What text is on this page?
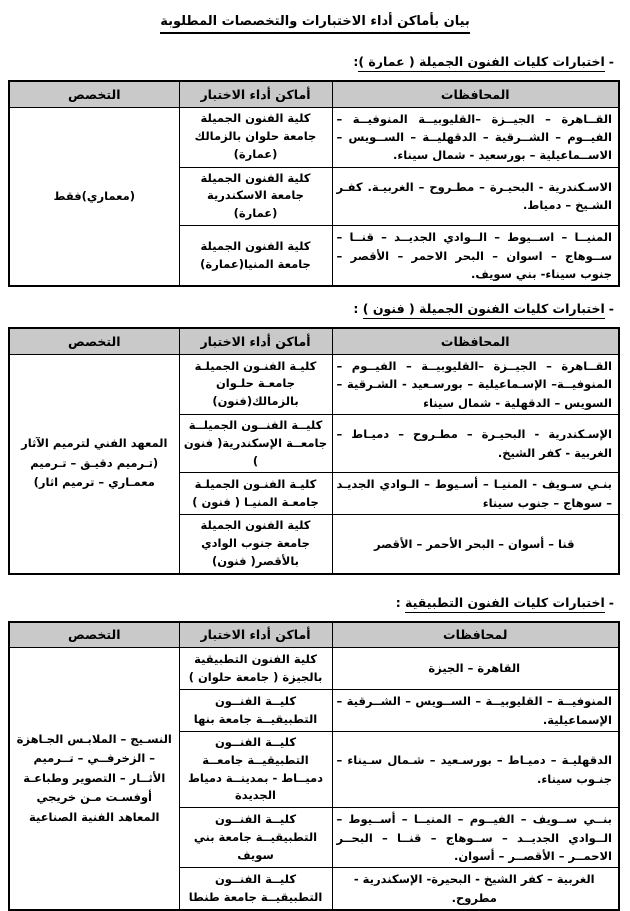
بيان بأماكن أداء الاختبارات والتخصصات المطلوبة
-اختبارات كليات الفنون الجميلة ( عمارة ):
المحافظات	أماكن أداء الاختبار	التخصص
القــاهرة – الجيــزة –القليوبيــة المنوفيــة – الفيــوم – الشــرقية – الدقهليــة – الســويس –الاســماعيلية – بورسعيد - شمال سيناء.	كلية الفنون الجميلة جامعة حلوان بالزمالك (عمارة)	(معماري)فقط
الاسـكندرية - البحيـرة – مطـروح – الغربيـة. كفـر الشـيخ – دمياط.	كلية الفنون الجميلة جامعة الاسكندرية (عمارة)	
المنيــا – اســيوط – الــوادي الجديــد – قنــا – ســوهاج – اسوان – البحر الاحمر – الأقصر – جنوب سيناء- بني سويف.	كلية الفنون الجميلة جامعة المنيا(عمارة)	
-اختبارات كليات الفنون الجميلة ( فنون ) :
المحافظات	أماكن أداء الاختبار	التخصص
القــاهرة – الجيــزة –القليوبيــة – الفيــوم – المنوفيــة– الإسـماعيلية – بورسـعيد - الشـرقية – السويس – الدقهلية - شمال سيناء	كليـة الفنـون الجميلـة جامعـة حلـوان بالزمالك(فنون)	المعهد الفني لترميم الآثار (تـرميم دقيـق – تـرميم معمـاري – ترميم اثار)
الإسـكندرية - البحيـرة – مطـروح – دميـاط – الغربية - كفر الشيخ.	كليــة الفنــون الجميلــة جامعــة الإسكندرية( فنون )	
بنـي سـويف - المنيـا – أسـيوط – الـوادي الجديـد – سوهاج – جنوب سيناء	كليـة الفنـون الجميلـة جامعـة المنيـا ( فنون )	
قنا – أسوان – البحر الأحمر – الأقصر	كلية الفنون الجميلة جامعة جنوب الوادي بالأقصر( فنون)	
-اختبارات كليات الفنون التطبيقية :
لمحافظات	أماكن أداء الاختبار	التخصص
القاهرة – الجيزة	كلية الفنون التطبيقية بالجيزة ( جامعة حلوان )	النسـيج – الملابـس الجـاهزة – الزخرفــي – تــرميم الأثــار – التصوير وطباعـة أوفسـت مـن خريجي المعاهد الفنية الصناعية
المنوفيــة – القليوبيــة – الســويس – الشــرقية – الإسماعيلية.	كليــة الفنــون التطبيقيــة جامعة بنها	
الدقهليـة – دميـاط – بورسـعيد – شـمال سـيناء – جنـوب سيناء.	كليــة الفنــون التطبيقيــة جامعــة دميــاط - بمدينــة دمياط الجديدة	
بنــي ســويف – الفيــوم – المنيــا – أســيوط – الــوادي الجديــد – ســوهاج – قنــا – البحــر الاحمــر – الأقصــر – أسوان.	كليــة الفنــون التطبيقيــة جامعة بني سويف	
الغربية – كفر الشيخ - البحيرة- الإسكندرية - مطروح.	كليــة الفنــون التطبيقيــة جامعة طنطا	
